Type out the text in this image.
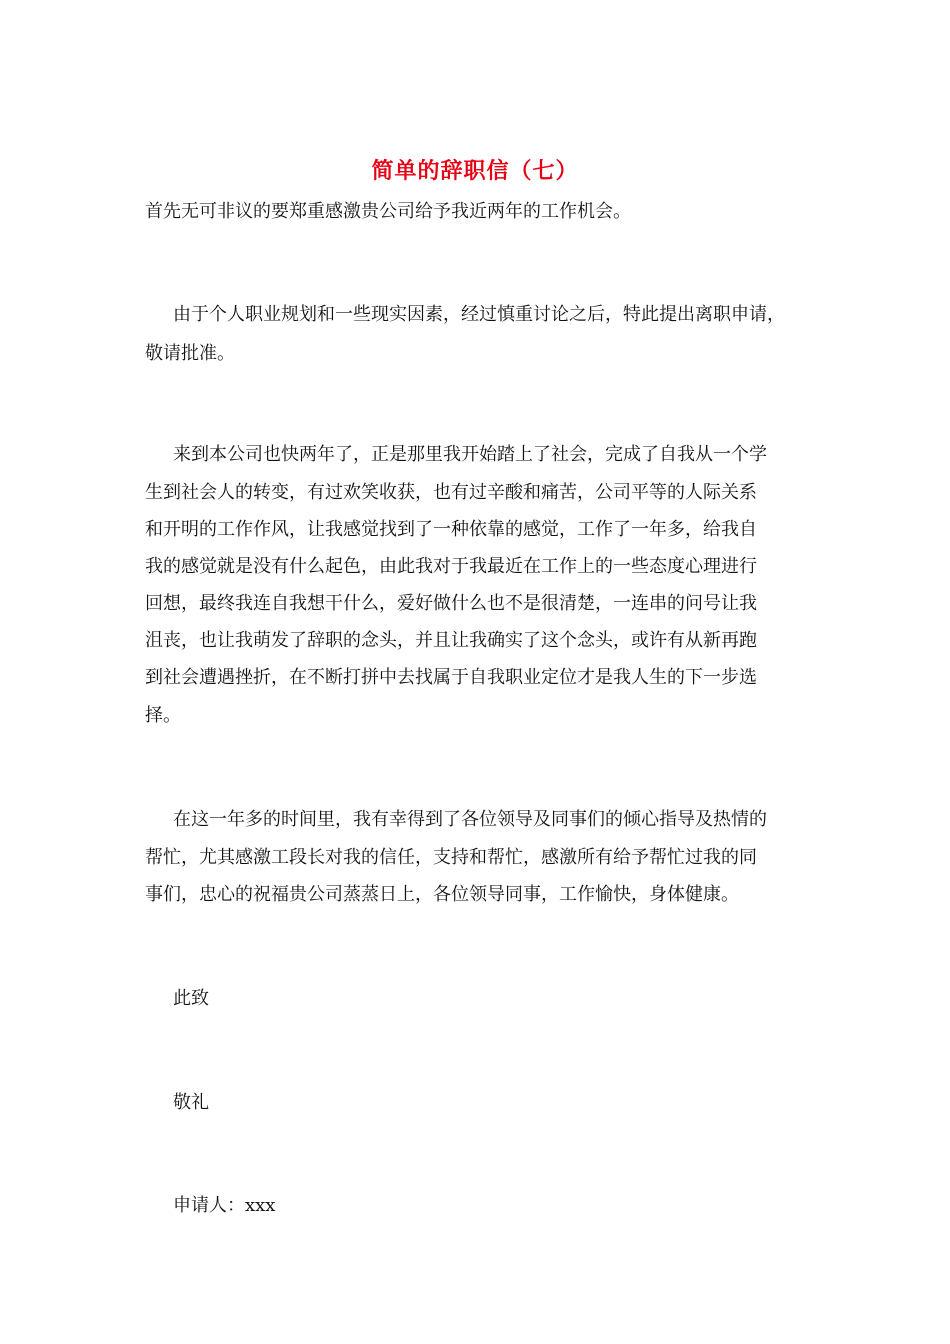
简单的辞职信（七）
首先无可非议的要郑重感激贵公司给予我近两年的工作机会。
由于个人职业规划和一些现实因素，经过慎重讨论之后，特此提出离职申请，
敬请批准。
来到本公司也快两年了，正是那里我开始踏上了社会，完成了自我从一个学
生到社会人的转变，有过欢笑收获，也有过辛酸和痛苦，公司平等的人际关系
和开明的工作作风，让我感觉找到了一种依靠的感觉，工作了一年多，给我自
我的感觉就是没有什么起色，由此我对于我最近在工作上的一些态度心理进行
回想，最终我连自我想干什么，爱好做什么也不是很清楚，一连串的问号让我
沮丧，也让我萌发了辞职的念头，并且让我确实了这个念头，或许有从新再跑
到社会遭遇挫折，在不断打拼中去找属于自我职业定位才是我人生的下一步选
择。
在这一年多的时间里，我有幸得到了各位领导及同事们的倾心指导及热情的
帮忙，尤其感激工段长对我的信任，支持和帮忙，感激所有给予帮忙过我的同
事们，忠心的祝福贵公司蒸蒸日上，各位领导同事，工作愉快，身体健康。
此致
敬礼
申请人：xxx
